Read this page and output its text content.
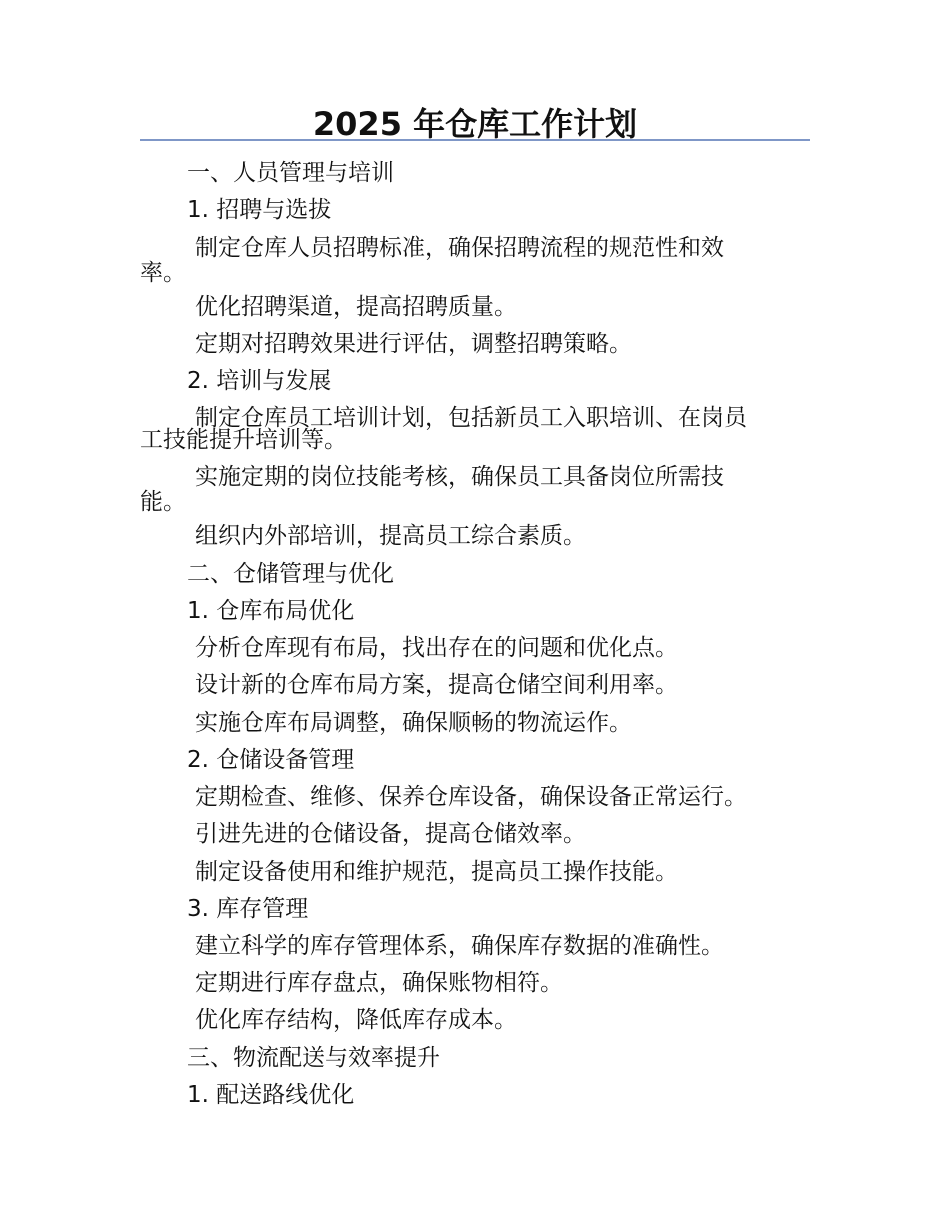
2025 年仓库工作计划
一、人员管理与培训
1. 招聘与选拔
制定仓库人员招聘标准，确保招聘流程的规范性和效
率。
优化招聘渠道，提高招聘质量。
定期对招聘效果进行评估，调整招聘策略。
2. 培训与发展
制定仓库员工培训计划，包括新员工入职培训、在岗员
工技能提升培训等。
实施定期的岗位技能考核，确保员工具备岗位所需技
能。
组织内外部培训，提高员工综合素质。
二、仓储管理与优化
1. 仓库布局优化
分析仓库现有布局，找出存在的问题和优化点。
设计新的仓库布局方案，提高仓储空间利用率。
实施仓库布局调整，确保顺畅的物流运作。
2. 仓储设备管理
定期检查、维修、保养仓库设备，确保设备正常运行。
引进先进的仓储设备，提高仓储效率。
制定设备使用和维护规范，提高员工操作技能。
3. 库存管理
建立科学的库存管理体系，确保库存数据的准确性。
定期进行库存盘点，确保账物相符。
优化库存结构，降低库存成本。
三、物流配送与效率提升
1. 配送路线优化
